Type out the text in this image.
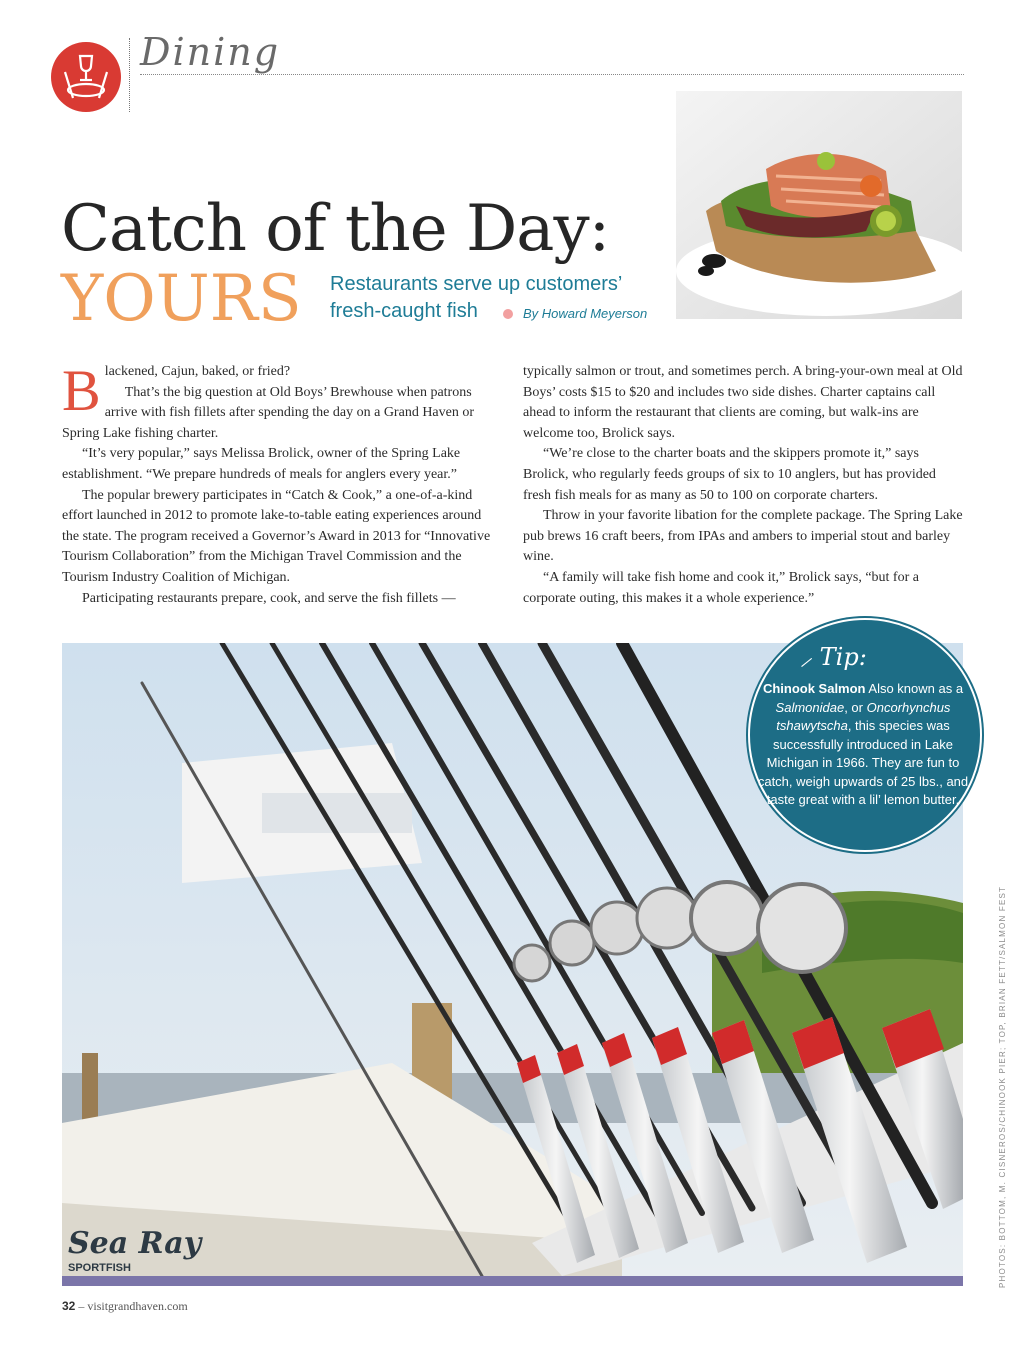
Dining
Catch of the Day:
YOURS Restaurants serve up customers’
fresh-caught fish	By Howard Meyerson
B lackened, Cajun, baked, or fried?

That’s the big question at Old Boys’ Brewhouse when patrons arrive with fish fillets after spending the day on a Grand Haven or Spring Lake fishing charter.

“It’s very popular,” says Melissa Brolick, owner of the Spring Lake establishment. “We prepare hundreds of meals for anglers every year.”

The popular brewery participates in “Catch & Cook,” a one-of-a-kind effort launched in 2012 to promote lake-to-table eating experiences around the state. The program received a Governor’s Award in 2013 for “Innovative Tourism Collaboration” from the Michigan Travel Commission and the Tourism Industry Coalition of Michigan.

Participating restaurants prepare, cook, and serve the fish fillets —

typically salmon or trout, and sometimes perch. A bring-your-own meal at Old Boys’ costs $15 to $20 and includes two side dishes. Charter captains call ahead to inform the restaurant that clients are coming, but walk-ins are welcome too, Brolick says.

“We’re close to the charter boats and the skippers promote it,” says Brolick, who regularly feeds groups of six to 10 anglers, but has provided fresh fish meals for as many as 50 to 100 on corporate charters.

Throw in your favorite libation for the complete package. The Spring Lake pub brews 16 craft beers, from IPAs and ambers to imperial stout and barley wine.

“A family will take fish home and cook it,” Brolick says, “but for a corporate outing, this makes it a whole experience.”

Sea Ray
SPORTFISH
⸝ Tip:
Chinook Salmon Also known as a Salmonidae, or Oncorhynchus tshawytscha, this species was successfully introduced in Lake Michigan in 1966. They are fun to catch, weigh upwards of 25 lbs., and taste great with a lil’ lemon butter.
PHOTOS: BOTTOM, M. CISNEROS/CHINOOK PIER; TOP, BRIAN FETT/SALMON FEST
32 – visitgrandhaven.com
